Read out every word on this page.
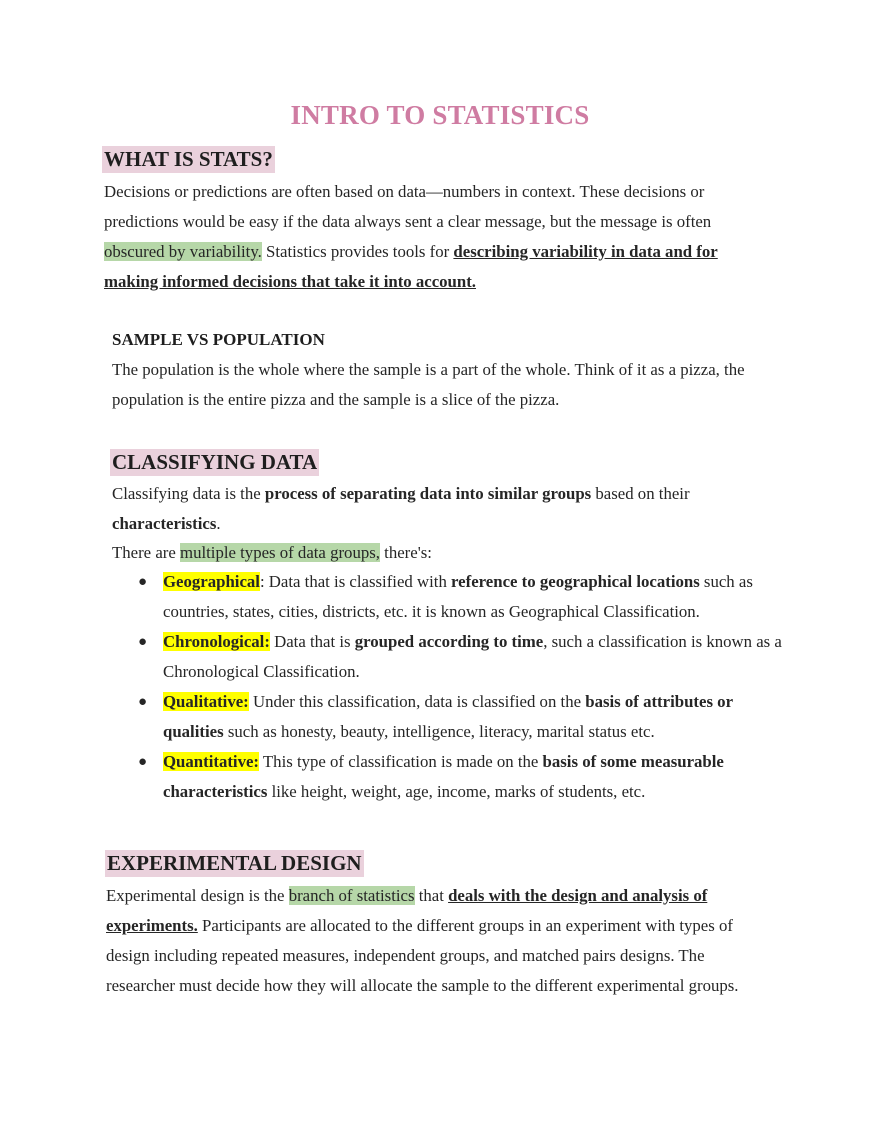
INTRO TO STATISTICS
WHAT IS STATS?
Decisions or predictions are often based on data—numbers in context. These decisions or predictions would be easy if the data always sent a clear message, but the message is often obscured by variability. Statistics provides tools for describing variability in data and for making informed decisions that take it into account.
SAMPLE VS POPULATION
The population is the whole where the sample is a part of the whole. Think of it as a pizza, the population is the entire pizza and the sample is a slice of the pizza.
CLASSIFYING DATA
Classifying data is the process of separating data into similar groups based on their characteristics.
There are multiple types of data groups, there's:
● Geographical: Data that is classified with reference to geographical locations such as countries, states, cities, districts, etc. it is known as Geographical Classification.
● Chronological: Data that is grouped according to time, such a classification is known as a Chronological Classification.
● Qualitative: Under this classification, data is classified on the basis of attributes or qualities such as honesty, beauty, intelligence, literacy, marital status etc.
● Quantitative: This type of classification is made on the basis of some measurable characteristics like height, weight, age, income, marks of students, etc.
EXPERIMENTAL DESIGN
Experimental design is the branch of statistics that deals with the design and analysis of experiments. Participants are allocated to the different groups in an experiment with types of design including repeated measures, independent groups, and matched pairs designs. The researcher must decide how they will allocate the sample to the different experimental groups.
